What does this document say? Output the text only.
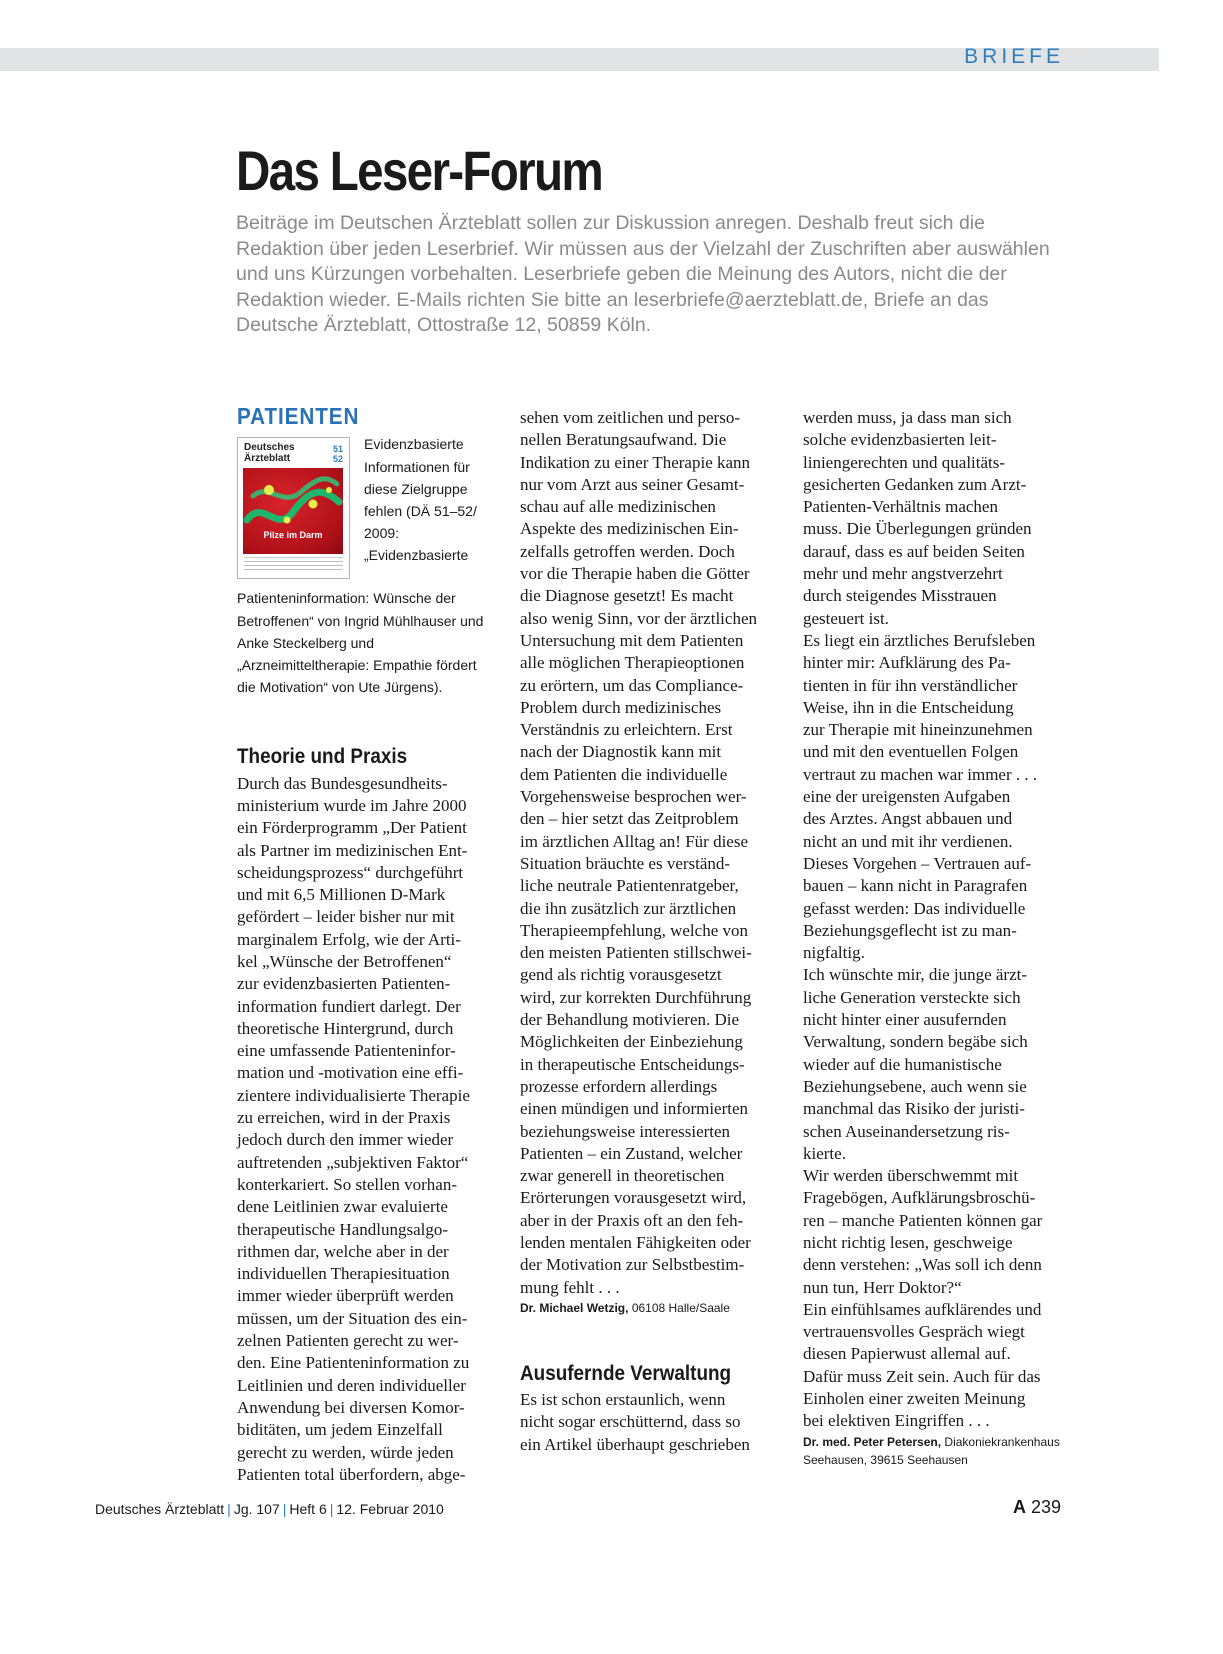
BRIEFE
Das Leser-Forum

Beiträge im Deutschen Ärzteblatt sollen zur Diskussion anregen. Deshalb freut sich die Redaktion über jeden Leserbrief. Wir müssen aus der Vielzahl der Zuschriften aber auswählen und uns Kürzungen vorbehalten. Leserbriefe geben die Meinung des Autors, nicht die der Redaktion wieder. E-Mails richten Sie bitte an leserbriefe@aerzteblatt.de, Briefe an das Deutsche Ärzteblatt, Ottostraße 12, 50859 Köln.

PATIENTEN
Deutsches Ärzteblatt
51 52
Pilze im Darm
Evidenzbasierte Informationen für diese Zielgruppe fehlen (DÄ 51–52/ 2009: „Evidenzbasierte Patienteninformation: Wünsche der Betroffenen“ von Ingrid Mühlhauser und Anke Steckelberg und „Arzneimitteltherapie: Empathie fördert die Motivation“ von Ute Jürgens).
Theorie und Praxis

Durch das Bundesgesundheits-
ministerium wurde im Jahre 2000
ein Förderprogramm „Der Patient
als Partner im medizinischen Ent-
scheidungsprozess“ durchgeführt
und mit 6,5 Millionen D-Mark
gefördert – leider bisher nur mit
marginalem Erfolg, wie der Arti-
kel „Wünsche der Betroffenen“
zur evidenzbasierten Patienten-
information fundiert darlegt. Der
theoretische Hintergrund, durch
eine umfassende Patienteninfor-
mation und -motivation eine effi-
zientere individualisierte Therapie
zu erreichen, wird in der Praxis
jedoch durch den immer wieder
auftretenden „subjektiven Faktor“
konterkariert. So stellen vorhan-
dene Leitlinien zwar evaluierte
therapeutische Handlungsalgo-
rithmen dar, welche aber in der
individuellen Therapiesituation
immer wieder überprüft werden
müssen, um der Situation des ein-
zelnen Patienten gerecht zu wer-
den. Eine Patienteninformation zu
Leitlinien und deren individueller
Anwendung bei diversen Komor-
biditäten, um jedem Einzelfall
gerecht zu werden, würde jeden
Patienten total überfordern, abge-

sehen vom zeitlichen und perso-
nellen Beratungsaufwand. Die
Indikation zu einer Therapie kann
nur vom Arzt aus seiner Gesamt-
schau auf alle medizinischen
Aspekte des medizinischen Ein-
zelfalls getroffen werden. Doch
vor die Therapie haben die Götter
die Diagnose gesetzt! Es macht
also wenig Sinn, vor der ärztlichen
Untersuchung mit dem Patienten
alle möglichen Therapieoptionen
zu erörtern, um das Compliance-
Problem durch medizinisches
Verständnis zu erleichtern. Erst
nach der Diagnostik kann mit
dem Patienten die individuelle
Vorgehensweise besprochen wer-
den – hier setzt das Zeitproblem
im ärztlichen Alltag an! Für diese
Situation bräuchte es verständ-
liche neutrale Patientenratgeber,
die ihn zusätzlich zur ärztlichen
Therapieempfehlung, welche von
den meisten Patienten stillschwei-
gend als richtig vorausgesetzt
wird, zur korrekten Durchführung
der Behandlung motivieren. Die
Möglichkeiten der Einbeziehung
in therapeutische Entscheidungs-
prozesse erfordern allerdings
einen mündigen und informierten
beziehungsweise interessierten
Patienten – ein Zustand, welcher
zwar generell in theoretischen
Erörterungen vorausgesetzt wird,
aber in der Praxis oft an den feh-
lenden mentalen Fähigkeiten oder
der Motivation zur Selbstbestim-
mung fehlt . . .

Dr. Michael Wetzig, 06108 Halle/Saale

Ausufernde Verwaltung

Es ist schon erstaunlich, wenn
nicht sogar erschütternd, dass so
ein Artikel überhaupt geschrieben

werden muss, ja dass man sich
solche evidenzbasierten leit-
liniengerechten und qualitäts-
gesicherten Gedanken zum Arzt-
Patienten-Verhältnis machen
muss. Die Überlegungen gründen
darauf, dass es auf beiden Seiten
mehr und mehr angstverzehrt
durch steigendes Misstrauen
gesteuert ist.
Es liegt ein ärztliches Berufsleben
hinter mir: Aufklärung des Pa-
tienten in für ihn verständlicher
Weise, ihn in die Entscheidung
zur Therapie mit hineinzunehmen
und mit den eventuellen Folgen
vertraut zu machen war immer . . .
eine der ureigensten Aufgaben
des Arztes. Angst abbauen und
nicht an und mit ihr verdienen.
Dieses Vorgehen – Vertrauen auf-
bauen – kann nicht in Paragrafen
gefasst werden: Das individuelle
Beziehungsgeflecht ist zu man-
nigfaltig.
Ich wünschte mir, die junge ärzt-
liche Generation versteckte sich
nicht hinter einer ausufernden
Verwaltung, sondern begäbe sich
wieder auf die humanistische
Beziehungsebene, auch wenn sie
manchmal das Risiko der juristi-
schen Auseinandersetzung ris-
kierte.
Wir werden überschwemmt mit
Fragebögen, Aufklärungsbroschü-
ren – manche Patienten können gar
nicht richtig lesen, geschweige
denn verstehen: „Was soll ich denn
nun tun, Herr Doktor?“
Ein einfühlsames aufklärendes und
vertrauensvolles Gespräch wiegt
diesen Papierwust allemal auf.
Dafür muss Zeit sein. Auch für das
Einholen einer zweiten Meinung
bei elektiven Eingriffen . . .

Dr. med. Peter Petersen, Diakoniekrankenhaus
Seehausen, 39615 Seehausen

Deutsches Ärzteblatt | Jg. 107 | Heft 6 | 12. Februar 2010	A 239
